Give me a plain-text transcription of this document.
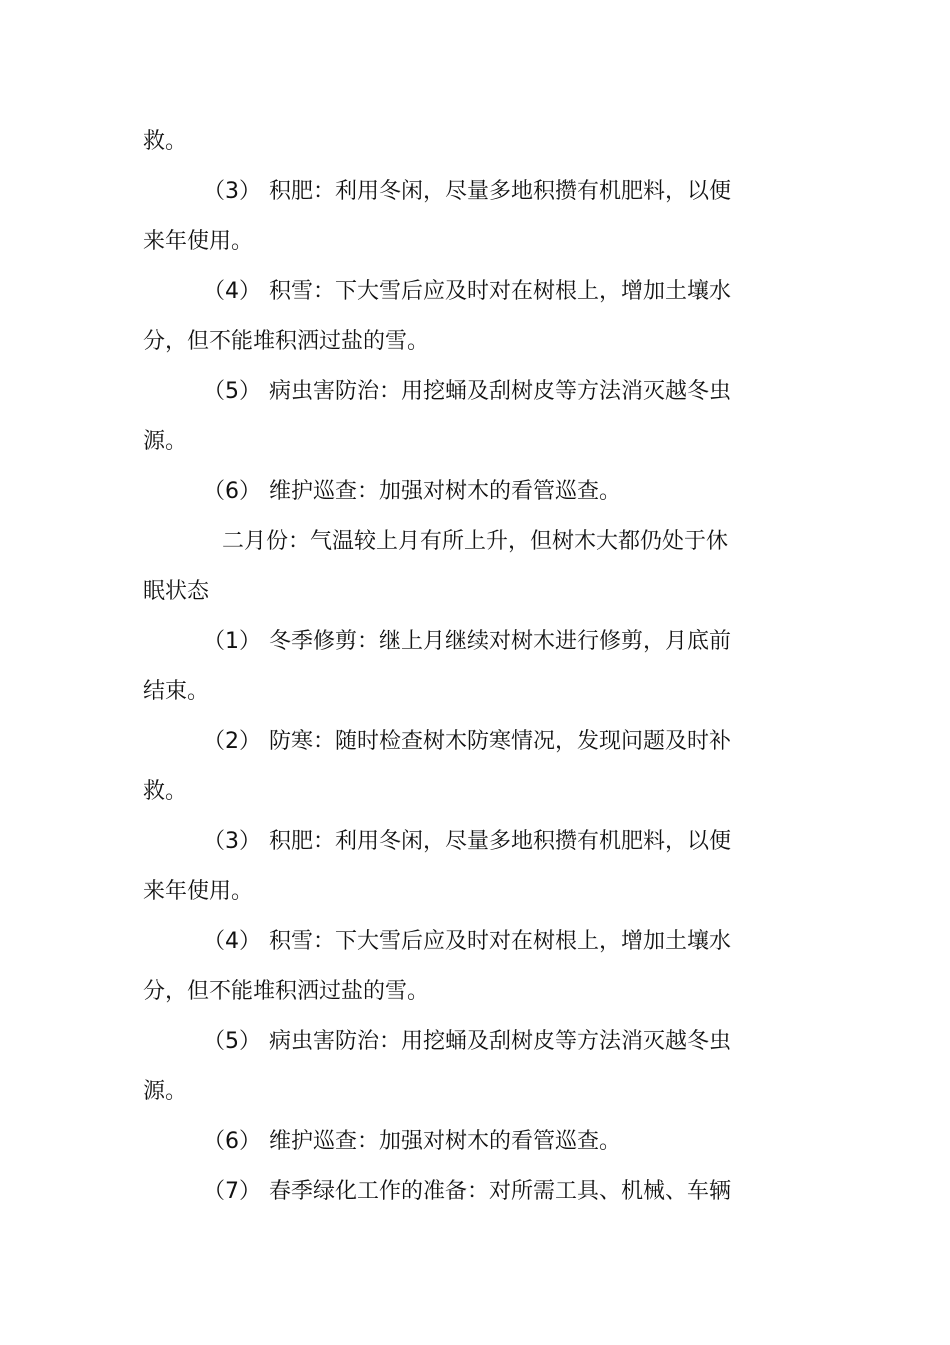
救。
（3） 积肥：利用冬闲，尽量多地积攒有机肥料，以便
来年使用。
（4） 积雪：下大雪后应及时对在树根上，增加土壤水
分，但不能堆积洒过盐的雪。
（5） 病虫害防治：用挖蛹及刮树皮等方法消灭越冬虫
源。
（6） 维护巡查：加强对树木的看管巡查。
二月份：气温较上月有所上升，但树木大都仍处于休
眠状态
（1） 冬季修剪：继上月继续对树木进行修剪，月底前
结束。
（2） 防寒：随时检查树木防寒情况，发现问题及时补
救。
（3） 积肥：利用冬闲，尽量多地积攒有机肥料，以便
来年使用。
（4） 积雪：下大雪后应及时对在树根上，增加土壤水
分，但不能堆积洒过盐的雪。
（5） 病虫害防治：用挖蛹及刮树皮等方法消灭越冬虫
源。
（6） 维护巡查：加强对树木的看管巡查。
（7） 春季绿化工作的准备：对所需工具、机械、车辆
